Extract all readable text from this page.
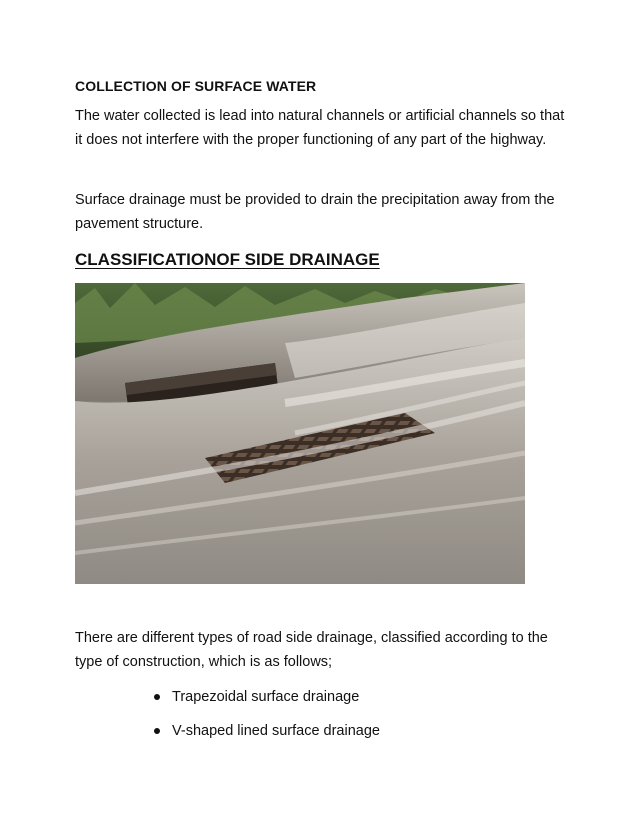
COLLECTION OF SURFACE WATER

The water collected is lead into natural channels or artificial channels so that it does not interfere with the proper functioning of any part of the highway.

Surface drainage must be provided to drain the precipitation away from the pavement structure.

CLASSIFICATIONOF SIDE DRAINAGE

There are different types of road side drainage, classified according to the type of construction, which is as follows;

Trapezoidal surface drainage
V-shaped lined surface drainage
